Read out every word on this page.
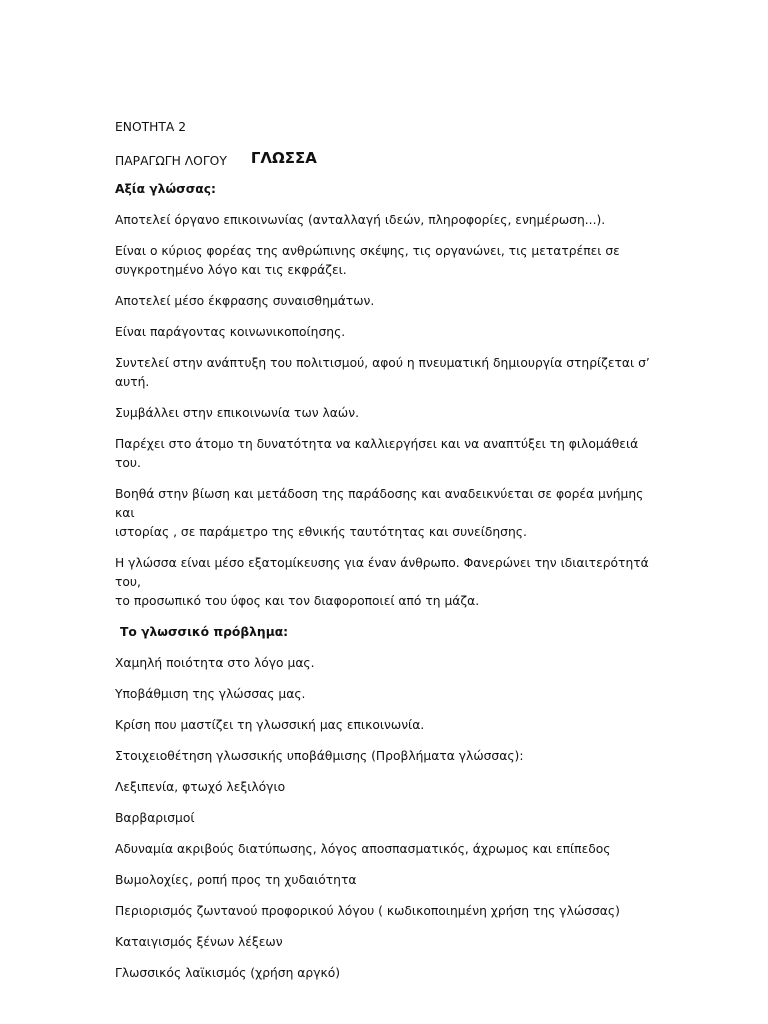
ΕΝΟΤΗΤΑ 2

ΠΑΡΑΓΩΓΗ ΛΟΓΟΥ ΓΛΩΣΣΑ

Αξία γλώσσας:

Αποτελεί όργανο επικοινωνίας (ανταλλαγή ιδεών, πληροφορίες, ενημέρωση...).

Είναι ο κύριος φορέας της ανθρώπινης σκέψης, τις οργανώνει, τις μετατρέπει σε

συγκροτημένο λόγο και τις εκφράζει.

Αποτελεί μέσο έκφρασης συναισθημάτων.

Είναι παράγοντας κοινωνικοποίησης.

Συντελεί στην ανάπτυξη του πολιτισμού, αφού η πνευματική δημιουργία στηρίζεται σ’

αυτή.

Συμβάλλει στην επικοινωνία των λαών.

Παρέχει στο άτομο τη δυνατότητα να καλλιεργήσει και να αναπτύξει τη φιλομάθειά του.

Βοηθά στην βίωση και μετάδοση της παράδοσης και αναδεικνύεται σε φορέα μνήμης και

ιστορίας , σε παράμετρο της εθνικής ταυτότητας και συνείδησης.

Η γλώσσα είναι μέσο εξατομίκευσης για έναν άνθρωπο. Φανερώνει την ιδιαιτερότητά του,

το προσωπικό του ύφος και τον διαφοροποιεί από τη μάζα.

Το γλωσσικό πρόβλημα:

Χαμηλή ποιότητα στο λόγο μας.

Υποβάθμιση της γλώσσας μας.

Κρίση που μαστίζει τη γλωσσική μας επικοινωνία.

Στοιχειοθέτηση γλωσσικής υποβάθμισης (Προβλήματα γλώσσας):

Λεξιπενία, φτωχό λεξιλόγιο

Βαρβαρισμοί

Αδυναμία ακριβούς διατύπωσης, λόγος αποσπασματικός, άχρωμος και επίπεδος

Βωμολοχίες, ροπή προς τη χυδαιότητα

Περιορισμός ζωντανού προφορικού λόγου ( κωδικοποιημένη χρήση της γλώσσας)

Καταιγισμός ξένων λέξεων

Γλωσσικός λαϊκισμός (χρήση αργκό)
